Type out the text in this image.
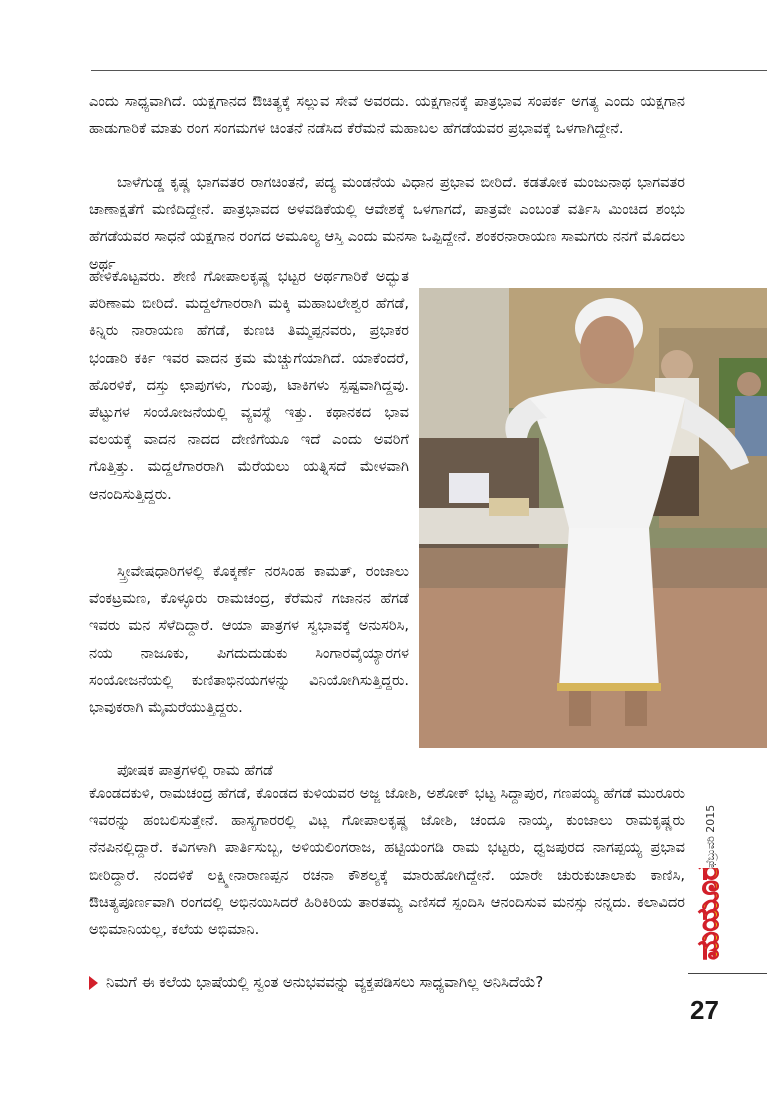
ಎಂದು ಸಾಧ್ಯವಾಗಿದೆ. ಯಕ್ಷಗಾನದ ಔಚಿತ್ಯಕ್ಕೆ ಸಲ್ಲುವ ಸೇವೆ ಅವರದು. ಯಕ್ಷಗಾನಕ್ಕೆ ಪಾತ್ರಭಾವ ಸಂಪರ್ಕ ಅಗತ್ಯ ಎಂದು ಯಕ್ಷಗಾನ ಹಾಡುಗಾರಿಕೆ ಮಾತು ರಂಗ ಸಂಗಮಗಳ ಚಿಂತನೆ ನಡೆಸಿದ ಕೆರೆಮನೆ ಮಹಾಬಲ ಹೆಗಡೆಯವರ ಪ್ರಭಾವಕ್ಕೆ ಒಳಗಾಗಿದ್ದೇನೆ.

ಬಾಳೆಗುಡ್ಡ ಕೃಷ್ಣ ಭಾಗವತರ ರಾಗಚಿಂತನೆ, ಪದ್ಯ ಮಂಡನೆಯ ವಿಧಾನ ಪ್ರಭಾವ ಬೀರಿದೆ. ಕಡತೋಕ ಮಂಜುನಾಥ ಭಾಗವತರ ಚಾಣಾಕ್ಷತೆಗೆ ಮಣಿದಿದ್ದೇನೆ. ಪಾತ್ರಭಾವದ ಅಳವಡಿಕೆಯಲ್ಲಿ ಆವೇಶಕ್ಕೆ ಒಳಗಾಗದೆ, ಪಾತ್ರವೇ ಎಂಬಂತೆ ವರ್ತಿಸಿ ಮಿಂಚಿದ ಶಂಭು ಹೆಗಡೆಯವರ ಸಾಧನೆ ಯಕ್ಷಗಾನ ರಂಗದ ಅಮೂಲ್ಯ ಆಸ್ತಿ ಎಂದು ಮನಸಾ ಒಪ್ಪಿದ್ದೇನೆ. ಶಂಕರನಾರಾಯಣ ಸಾಮಗರು ನನಗೆ ಮೊದಲು ಅರ್ಥ

ಹೇಳಿಕೊಟ್ಟವರು. ಶೇಣಿ ಗೋಪಾಲಕೃಷ್ಣ ಭಟ್ಟರ ಅರ್ಥಗಾರಿಕೆ ಅದ್ಭುತ ಪರಿಣಾಮ ಬೀರಿದೆ. ಮದ್ದಲೆಗಾರರಾಗಿ ಮಕ್ಕಿ ಮಹಾಬಲೇಶ್ವರ ಹೆಗಡೆ, ಕಿನ್ನಿರು ನಾರಾಯಣ ಹೆಗಡೆ, ಕುಣಚಿ ತಿಮ್ಮಪ್ಪನವರು, ಪ್ರಭಾಕರ ಭಂಡಾರಿ ಕರ್ಕಿ ಇವರ ವಾದನ ಕ್ರಮ ಮೆಚ್ಚುಗೆಯಾಗಿದೆ. ಯಾಕೆಂದರೆ, ಹೊರಳಿಕೆ, ದಸ್ತು ಛಾಪುಗಳು, ಗುಂಪು, ಟಾಕಿಗಳು ಸ್ಪಷ್ಟವಾಗಿದ್ದವು. ಪೆಟ್ಟುಗಳ ಸಂಯೋಜನೆಯಲ್ಲಿ ವ್ಯವಸ್ಥೆ ಇತ್ತು. ಕಥಾನಕದ ಭಾವ ವಲಯಕ್ಕೆ ವಾದನ ನಾದದ ದೇಣಿಗೆಯೂ ಇದೆ ಎಂದು ಅವರಿಗೆ ಗೊತ್ತಿತ್ತು. ಮದ್ದಲೆಗಾರರಾಗಿ ಮೆರೆಯಲು ಯತ್ನಿಸದೆ ಮೇಳವಾಗಿ ಆನಂದಿಸುತ್ತಿದ್ದರು.

ಸ್ತ್ರೀವೇಷಧಾರಿಗಳಲ್ಲಿ ಕೊಕ್ಕರ್ಣೆ ನರಸಿಂಹ ಕಾಮತ್, ರಂಜಾಲು ವೆಂಕಟ್ರಮಣ, ಕೊಳ್ಳೂರು ರಾಮಚಂದ್ರ, ಕೆರೆಮನೆ ಗಜಾನನ ಹೆಗಡೆ ಇವರು ಮನ ಸೆಳೆದಿದ್ದಾರೆ. ಆಯಾ ಪಾತ್ರಗಳ ಸ್ವಭಾವಕ್ಕೆ ಅನುಸರಿಸಿ, ನಯ ನಾಜೂಕು, ಪಿಗದುದುಡುಕು ಸಿಂಗಾರವೈಯ್ಯಾರಗಳ ಸಂಯೋಜನೆಯಲ್ಲಿ ಕುಣಿತಾಭಿನಯಗಳನ್ನು ವಿನಿಯೋಗಿಸುತ್ತಿದ್ದರು. ಭಾವುಕರಾಗಿ ಮೈಮರೆಯುತ್ತಿದ್ದರು.

ಪೋಷಕ ಪಾತ್ರಗಳಲ್ಲಿ ರಾಮ ಹೆಗಡೆ

ಕೊಂಡದಕುಳಿ, ರಾಮಚಂದ್ರ ಹೆಗಡೆ, ಕೊಂಡದ ಕುಳಿಯವರ ಅಜ್ಜ ಜೋಶಿ, ಅಶೋಕ್ ಭಟ್ಟ ಸಿದ್ದಾಪುರ, ಗಣಪಯ್ಯ ಹೆಗಡೆ ಮುರೂರು ಇವರನ್ನು ಹಂಬಲಿಸುತ್ತೇನೆ. ಹಾಸ್ಯಗಾರರಲ್ಲಿ ವಿಟ್ಲ ಗೋಪಾಲಕೃಷ್ಣ ಜೋಶಿ, ಚಂದೂ ನಾಯ್ಕ, ಕುಂಜಾಲು ರಾಮಕೃಷ್ಣರು ನೆನಪಿನಲ್ಲಿದ್ದಾರೆ. ಕವಿಗಳಾಗಿ ಪಾರ್ತಿಸುಬ್ಬ, ಅಳಿಯಲಿಂಗರಾಜ, ಹಟ್ಟಿಯಂಗಡಿ ರಾಮ ಭಟ್ಟರು, ಧ್ವಜಪುರದ ನಾಗಪ್ಪಯ್ಯ ಪ್ರಭಾವ ಬೀರಿದ್ದಾರೆ. ನಂದಳಿಕೆ ಲಕ್ಷ್ಮೀನಾರಾಣಪ್ಪನ ರಚನಾ ಕೌಶಲ್ಯಕ್ಕೆ ಮಾರುಹೋಗಿದ್ದೇನೆ. ಯಾರೇ ಚುರುಕುಚಾಲಾಕು ಕಾಣಿಸಿ, ಔಚಿತ್ಯಪೂರ್ಣವಾಗಿ ರಂಗದಲ್ಲಿ ಅಭಿನಯಿಸಿದರೆ ಹಿರಿಕಿರಿಯ ತಾರತಮ್ಯ ಎಣಿಸದೆ ಸ್ಪಂದಿಸಿ ಆನಂದಿಸುವ ಮನಸ್ಸು ನನ್ನದು. ಕಲಾವಿದರ ಅಭಿಮಾನಿಯಲ್ಲ, ಕಲೆಯ ಅಭಿಮಾನಿ.

ನಿಮಗೆ ಈ ಕಲೆಯ ಭಾಷೆಯಲ್ಲಿ ಸ್ವಂತ ಅನುಭವವನ್ನು ವ್ಯಕ್ತಪಡಿಸಲು ಸಾಧ್ಯವಾಗಿಲ್ಲ ಅನಿಸಿದೆಯೆ?
ಫೆಬ್ರುವರಿ 2015
ಮಯೂರ
27
